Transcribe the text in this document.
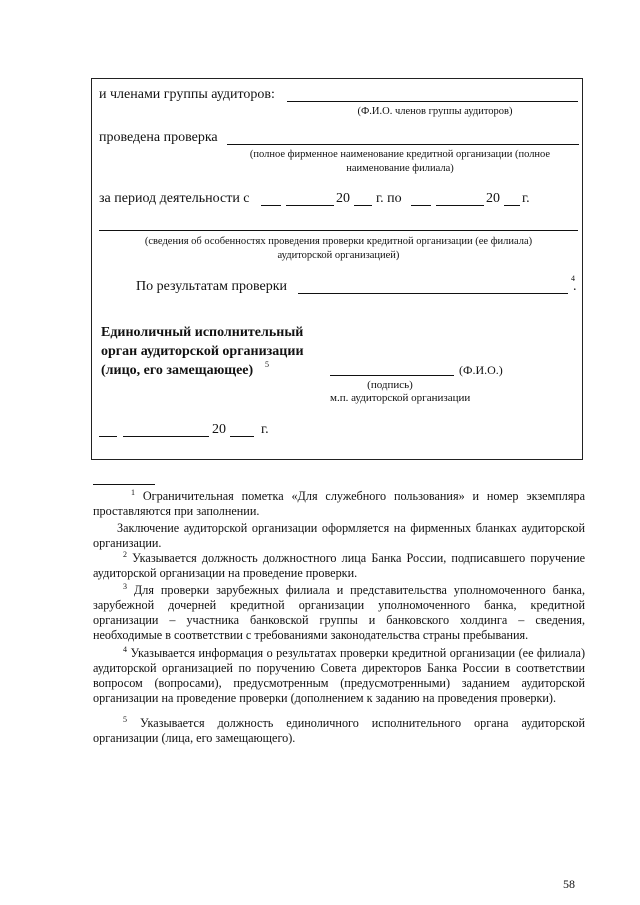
и членами группы аудиторов:
(Ф.И.О. членов группы аудиторов)
проведена проверка
(полное фирменное наименование кредитной организации (полное
наименование филиала)
за период деятельности с	20 г. по	20 г.
(сведения об особенностях проведения проверки кредитной организации (ее филиала)
аудиторской организацией)
По результатам проверки
4
.
Единоличный исполнительный
орган аудиторской организации
(лицо, его замещающее) 5	(Ф.И.О.)
(подпись)
м.п. аудиторской организации
20	г.
$^1$ Ограничительная пометка «Для служебного пользования» и номер экземпляра проставляются при заполнении.
Заключение аудиторской организации оформляется на фирменных бланках аудиторской организации.
$^2$ Указывается должность должностного лица Банка России, подписавшего поручение аудиторской организации на проведение проверки.
$^3$ Для проверки зарубежных филиала и представительства уполномоченного банка, зарубежной дочерней кредитной организации уполномоченного банка, кредитной организации – участника банковской группы и банковского холдинга – сведения, необходимые в соответствии с требованиями законодательства страны пребывания.
$^4$ Указывается информация о результатах проверки кредитной организации (ее филиала) аудиторской организацией по поручению Совета директоров Банка России в соответствии вопросом (вопросами), предусмотренным (предусмотренными) заданием аудиторской организации на проведение проверки (дополнением к заданию на проведения проверки).
$^5$ Указывается должность единоличного исполнительного органа аудиторской организации (лица, его замещающего).
58
